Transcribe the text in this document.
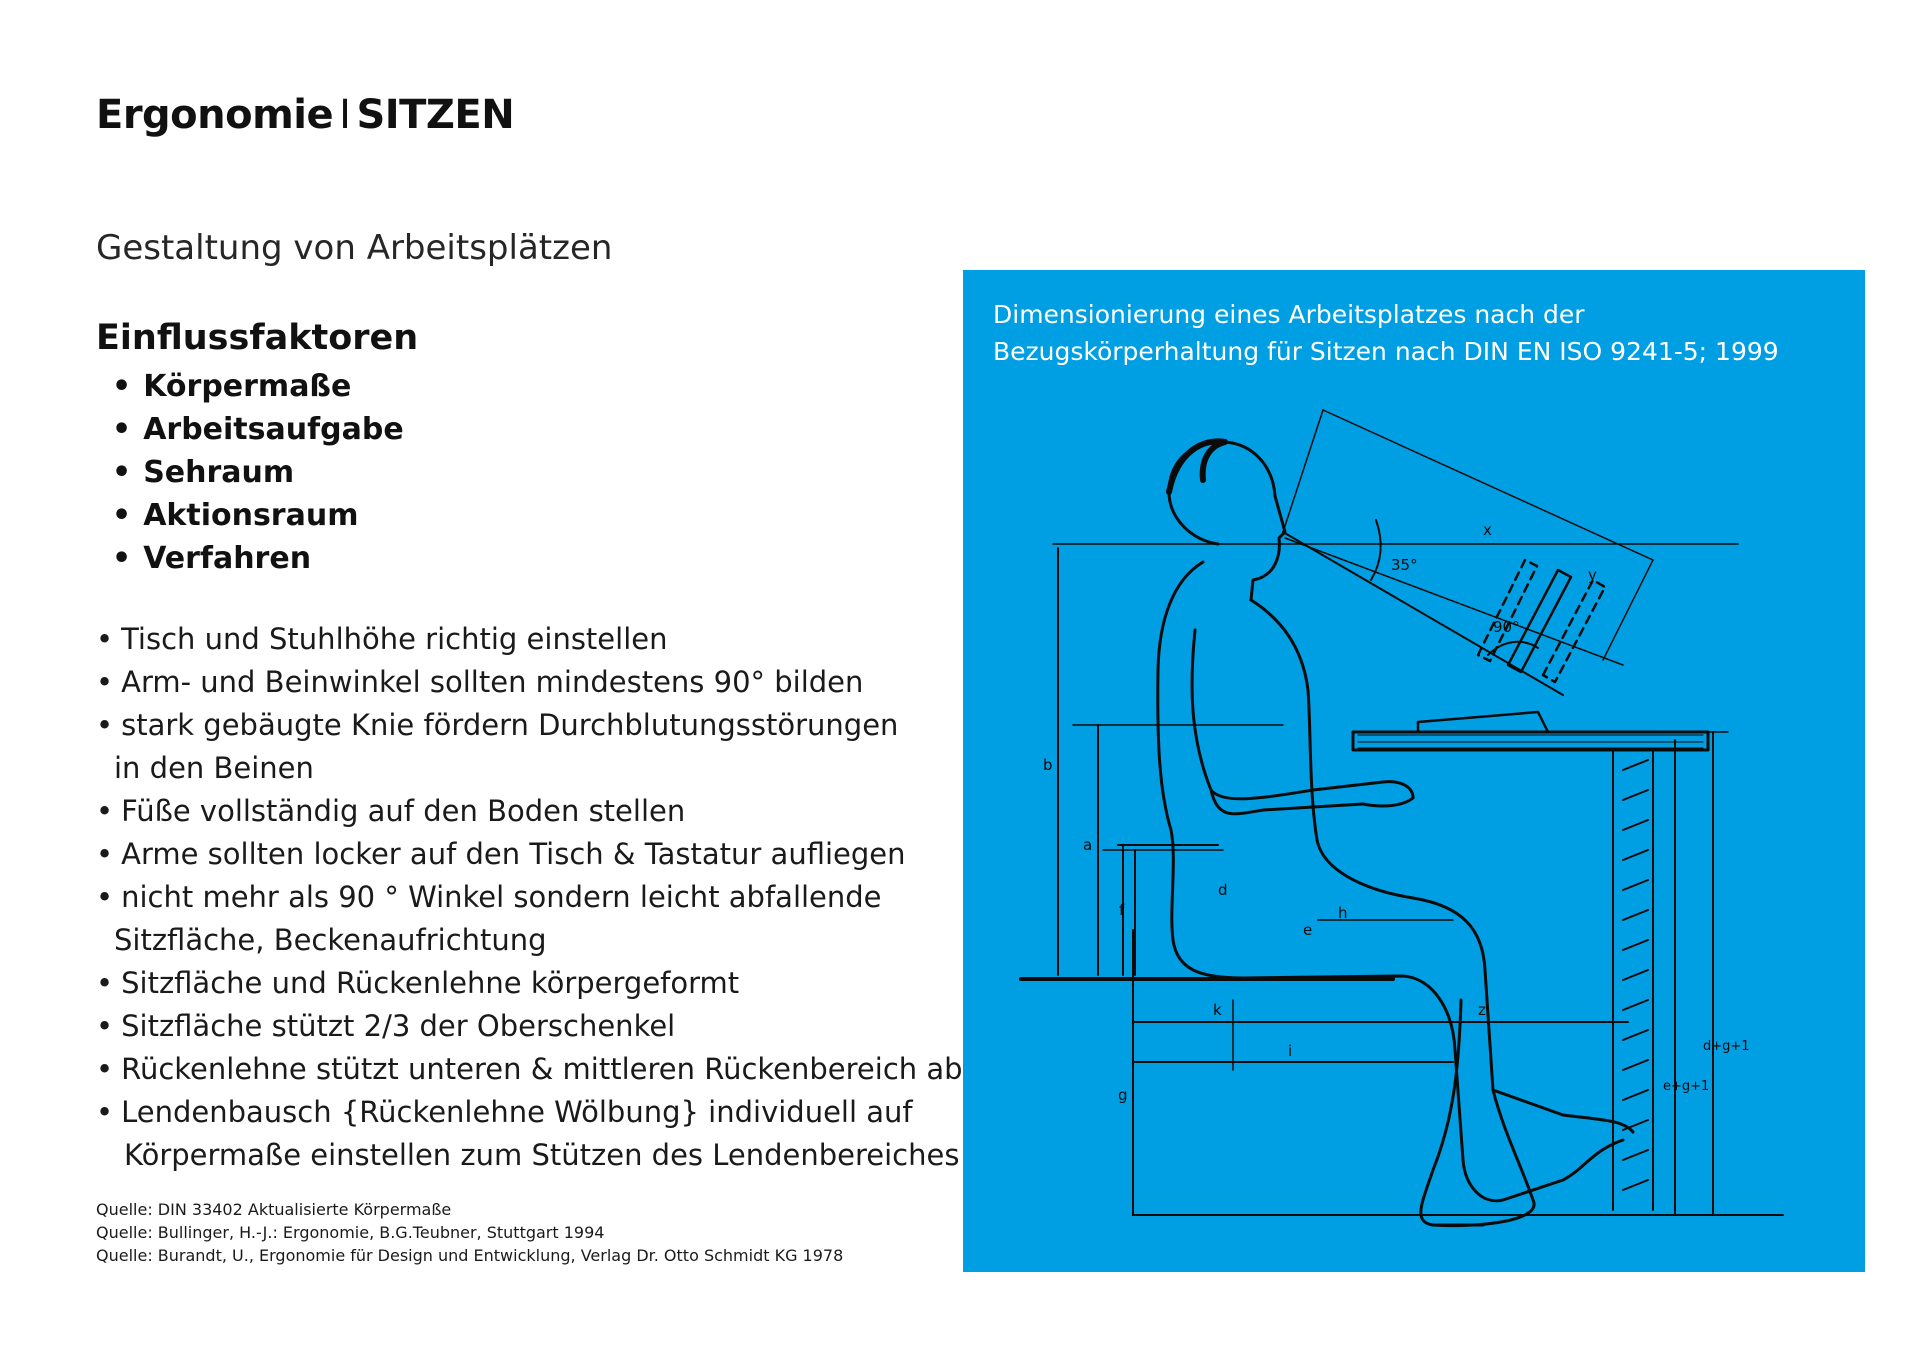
Ergonomie I SITZEN
Gestaltung von Arbeitsplätzen
Einflussfaktoren
• Körpermaße
• Arbeitsaufgabe
• Sehraum
• Aktionsraum
• Verfahren
• Tisch und Stuhlhöhe richtig einstellen
• Arm- und Beinwinkel sollten mindestens 90° bilden
• stark gebäugte Knie fördern Durchblutungsstörungen
in den Beinen
• Füße vollständig auf den Boden stellen
• Arme sollten locker auf den Tisch & Tastatur aufliegen
• nicht mehr als 90 ° Winkel sondern leicht abfallende
Sitzfläche, Beckenaufrichtung
• Sitzfläche und Rückenlehne körpergeformt
• Sitzfläche stützt 2/3 der Oberschenkel
• Rückenlehne stützt unteren & mittleren Rückenbereich ab
• Lendenbausch {Rückenlehne Wölbung} individuell auf
Körpermaße einstellen zum Stützen des Lendenbereiches
Quelle: DIN 33402 Aktualisierte Körpermaße
Quelle: Bullinger, H.-J.: Ergonomie, B.G.Teubner, Stuttgart 1994
Quelle: Burandt, U., Ergonomie für Design und Entwicklung, Verlag Dr. Otto Schmidt KG 1978
Dimensionierung eines Arbeitsplatzes nach der Bezugskörperhaltung für Sitzen nach DIN EN ISO 9241-5; 1999
35°
90°
x
y
b
a
f
d
e
h
k	z
i
g	e+g+1
d+g+1
